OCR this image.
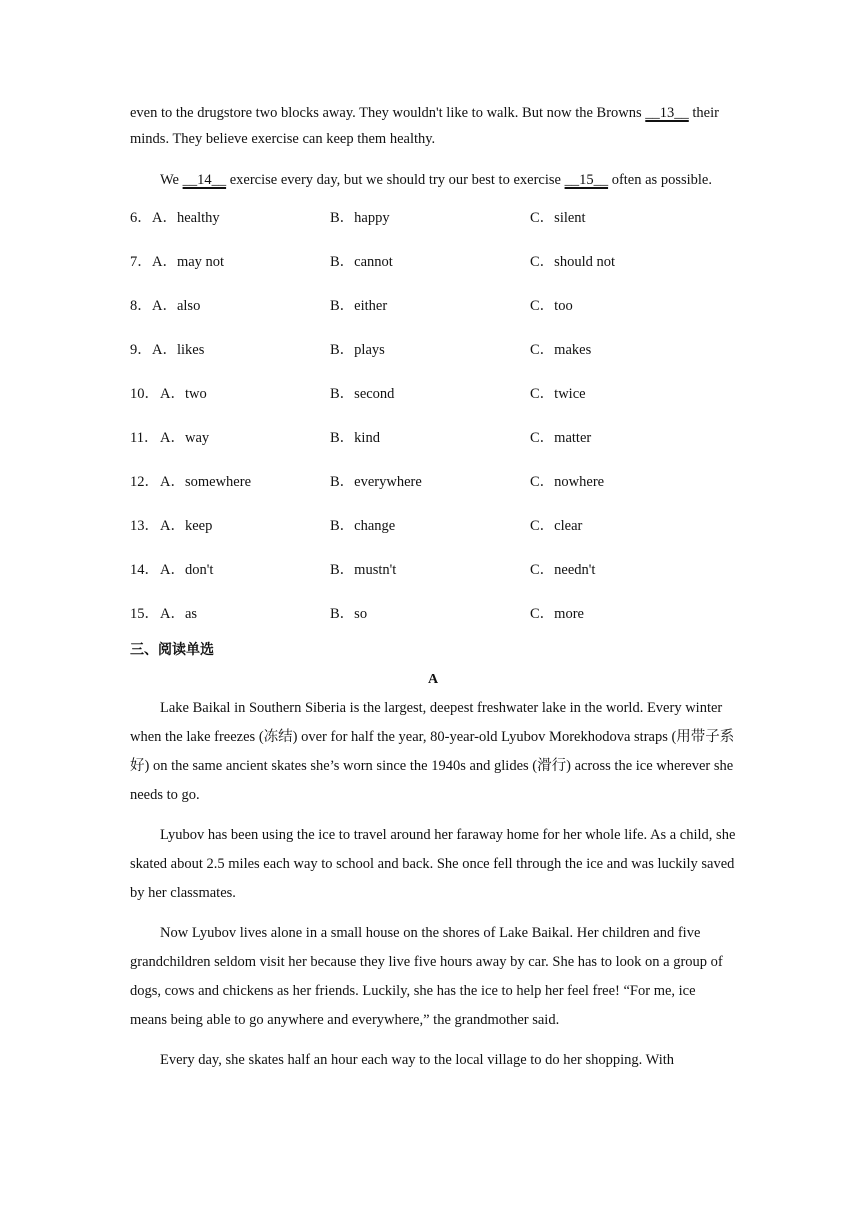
even to the drugstore two blocks away. They wouldn't like to walk. But now the Browns __13__ their minds. They believe exercise can keep them healthy.

We __14__ exercise every day, but we should try our best to exercise __15__ often as possible.

6． A．healthy	B．happy	C．silent
7． A．may not	B．cannot	C．should not
8． A．also	B．either	C．too
9． A．likes	B．plays	C．makes
10． A．two	B．second	C．twice
11． A．way	B．kind	C．matter
12． A．somewhere	B．everywhere	C．nowhere
13． A．keep	B．change	C．clear
14． A．don't	B．mustn't	C．needn't
15． A．as	B．so	C．more
三、阅读单选
A

Lake Baikal in Southern Siberia is the largest, deepest freshwater lake in the world. Every winter when the lake freezes (冻结) over for half the year, 80-year-old Lyubov Morekhodova straps (用带子系好) on the same ancient skates she’s worn since the 1940s and glides (滑行) across the ice wherever she needs to go.

Lyubov has been using the ice to travel around her faraway home for her whole life. As a child, she skated about 2.5 miles each way to school and back. She once fell through the ice and was luckily saved by her classmates.

Now Lyubov lives alone in a small house on the shores of Lake Baikal. Her children and five grandchildren seldom visit her because they live five hours away by car. She has to look on a group of dogs, cows and chickens as her friends. Luckily, she has the ice to help her feel free! “For me, ice means being able to go anywhere and everywhere,” the grandmother said.

Every day, she skates half an hour each way to the local village to do her shopping. With
